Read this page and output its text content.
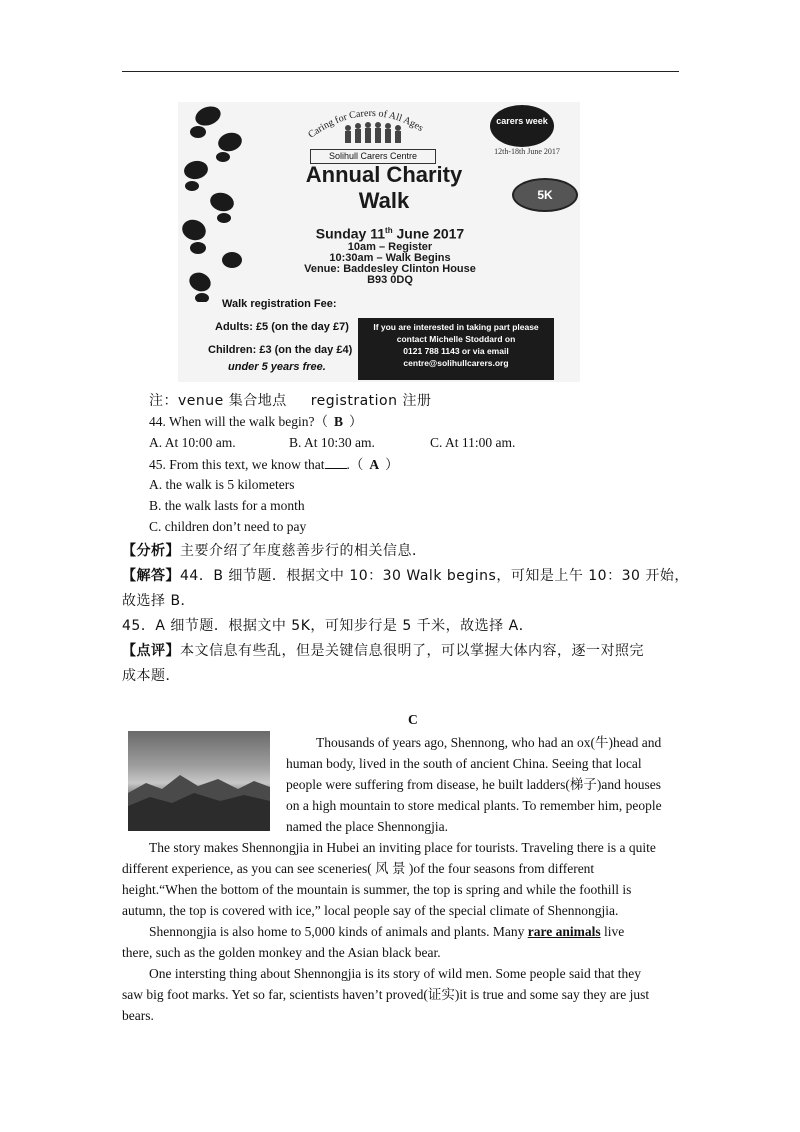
Caring for Carers of All Ages
Solihull Carers Centre
carers week
12th-18th June 2017
Annual Charity
Walk	5K
Sunday 11th June 2017
10am – Register
10:30am – Walk Begins
Venue: Baddesley Clinton House
B93 0DQ
Walk registration Fee:
Adults: £5 (on the day £7)
Children: £3 (on the day £4)
under 5 years free.
If you are interested in taking part please
contact Michelle Stoddard on
0121 788 1143 or via email
centre@solihullcarers.org
注：venue 集合地点 registration 注册
44. When will the walk begin?（ B ）
A. At 10:00 am.	B. At 10:30 am.	C. At 11:00 am.
45. From this text, we know that .（ A ）
A. the walk is 5 kilometers
B. the walk lasts for a month
C. children don’t need to pay
【分析】主要介绍了年度慈善步行的相关信息．
【解答】44．B 细节题．根据文中 10：30 Walk begins，可知是上午 10：30 开始，
故选择 B．
45．A 细节题．根据文中 5K，可知步行是 5 千米，故选择 A．
【点评】本文信息有些乱，但是关键信息很明了，可以掌握大体内容，逐一对照完
成本题．
C
Thousands of years ago, Shennong, who had an ox(牛)head and
human body, lived in the south of ancient China. Seeing that local
people were suffering from disease, he built ladders(梯子)and houses
on a high mountain to store medical plants. To remember him, people
named the place Shennongjia.
The story makes Shennongjia in Hubei an inviting place for tourists. Traveling there is a quite
different experience, as you can see sceneries( 风 景 )of the four seasons from different
height.“When the bottom of the mountain is summer, the top is spring and while the foothill is
autumn, the top is covered with ice,” local people say of the special climate of Shennongjia.
Shennongjia is also home to 5,000 kinds of animals and plants. Many rare animals live
there, such as the golden monkey and the Asian black bear.
One intersting thing about Shennongjia is its story of wild men. Some people said that they
saw big foot marks. Yet so far, scientists haven’t proved(证实)it is true and some say they are just
bears.
